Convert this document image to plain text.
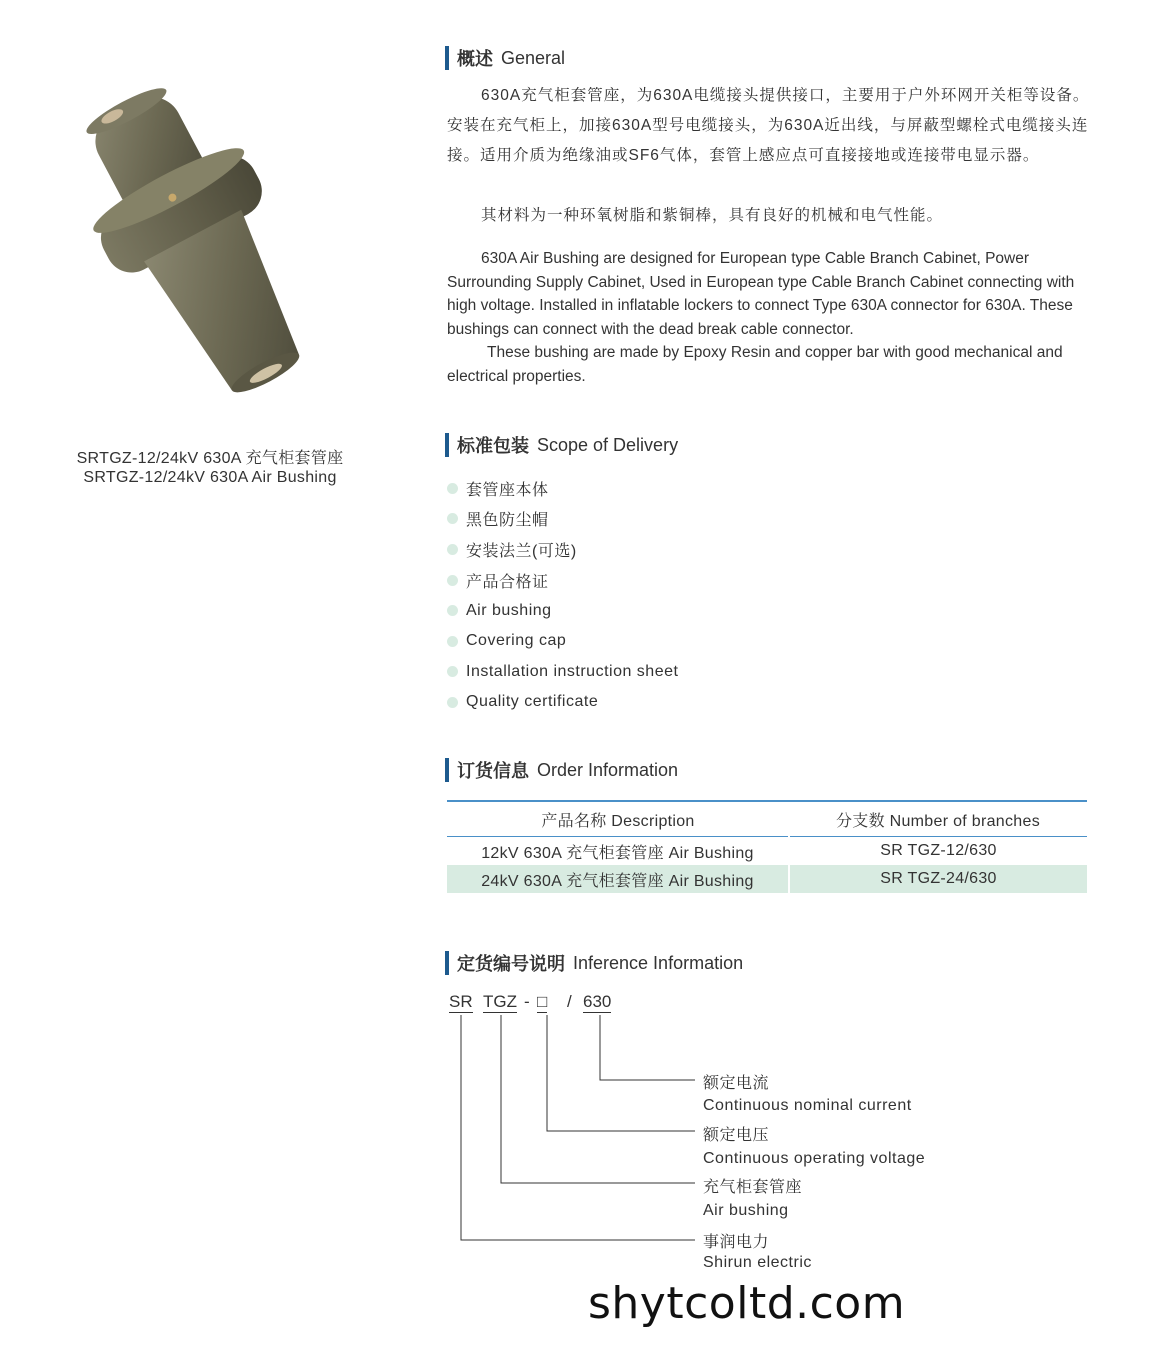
SRTGZ-12/24kV 630A 充气柜套管座
SRTGZ-12/24kV 630A Air Bushing
概述 General
630A充气柜套管座，为630A电缆接头提供接口，主要用于户外环网开关柜等设备。安装在充气柜上，加接630A型号电缆接头，为630A近出线，与屏蔽型螺栓式电缆接头连接。适用介质为绝缘油或SF6气体，套管上感应点可直接接地或连接带电显示器。
其材料为一种环氧树脂和紫铜棒，具有良好的机械和电气性能。
630A Air Bushing are designed for European type Cable Branch Cabinet, Power Surrounding Supply Cabinet, Used in European type Cable Branch Cabinet connecting with high voltage. Installed in inflatable lockers to connect Type 630A connector for 630A. These bushings can connect with the dead break cable connector.
These bushing are made by Epoxy Resin and copper bar with good mechanical and electrical properties.
标准包装 Scope of Delivery
套管座本体
黑色防尘帽
安装法兰(可选)
产品合格证
Air bushing
Covering cap
Installation instruction sheet
Quality certificate
订货信息 Order Information
产品名称 Description	分支数 Number of branches
12kV 630A 充气柜套管座 Air Bushing	SR TGZ-12/630
24kV 630A 充气柜套管座 Air Bushing	SR TGZ-24/630
定货编号说明 Inference Information
SR TGZ - □ / 630
额定电流
Continuous nominal current
额定电压
Continuous operating voltage
充气柜套管座
Air bushing
事润电力
Shirun electric
shytcoltd.com
